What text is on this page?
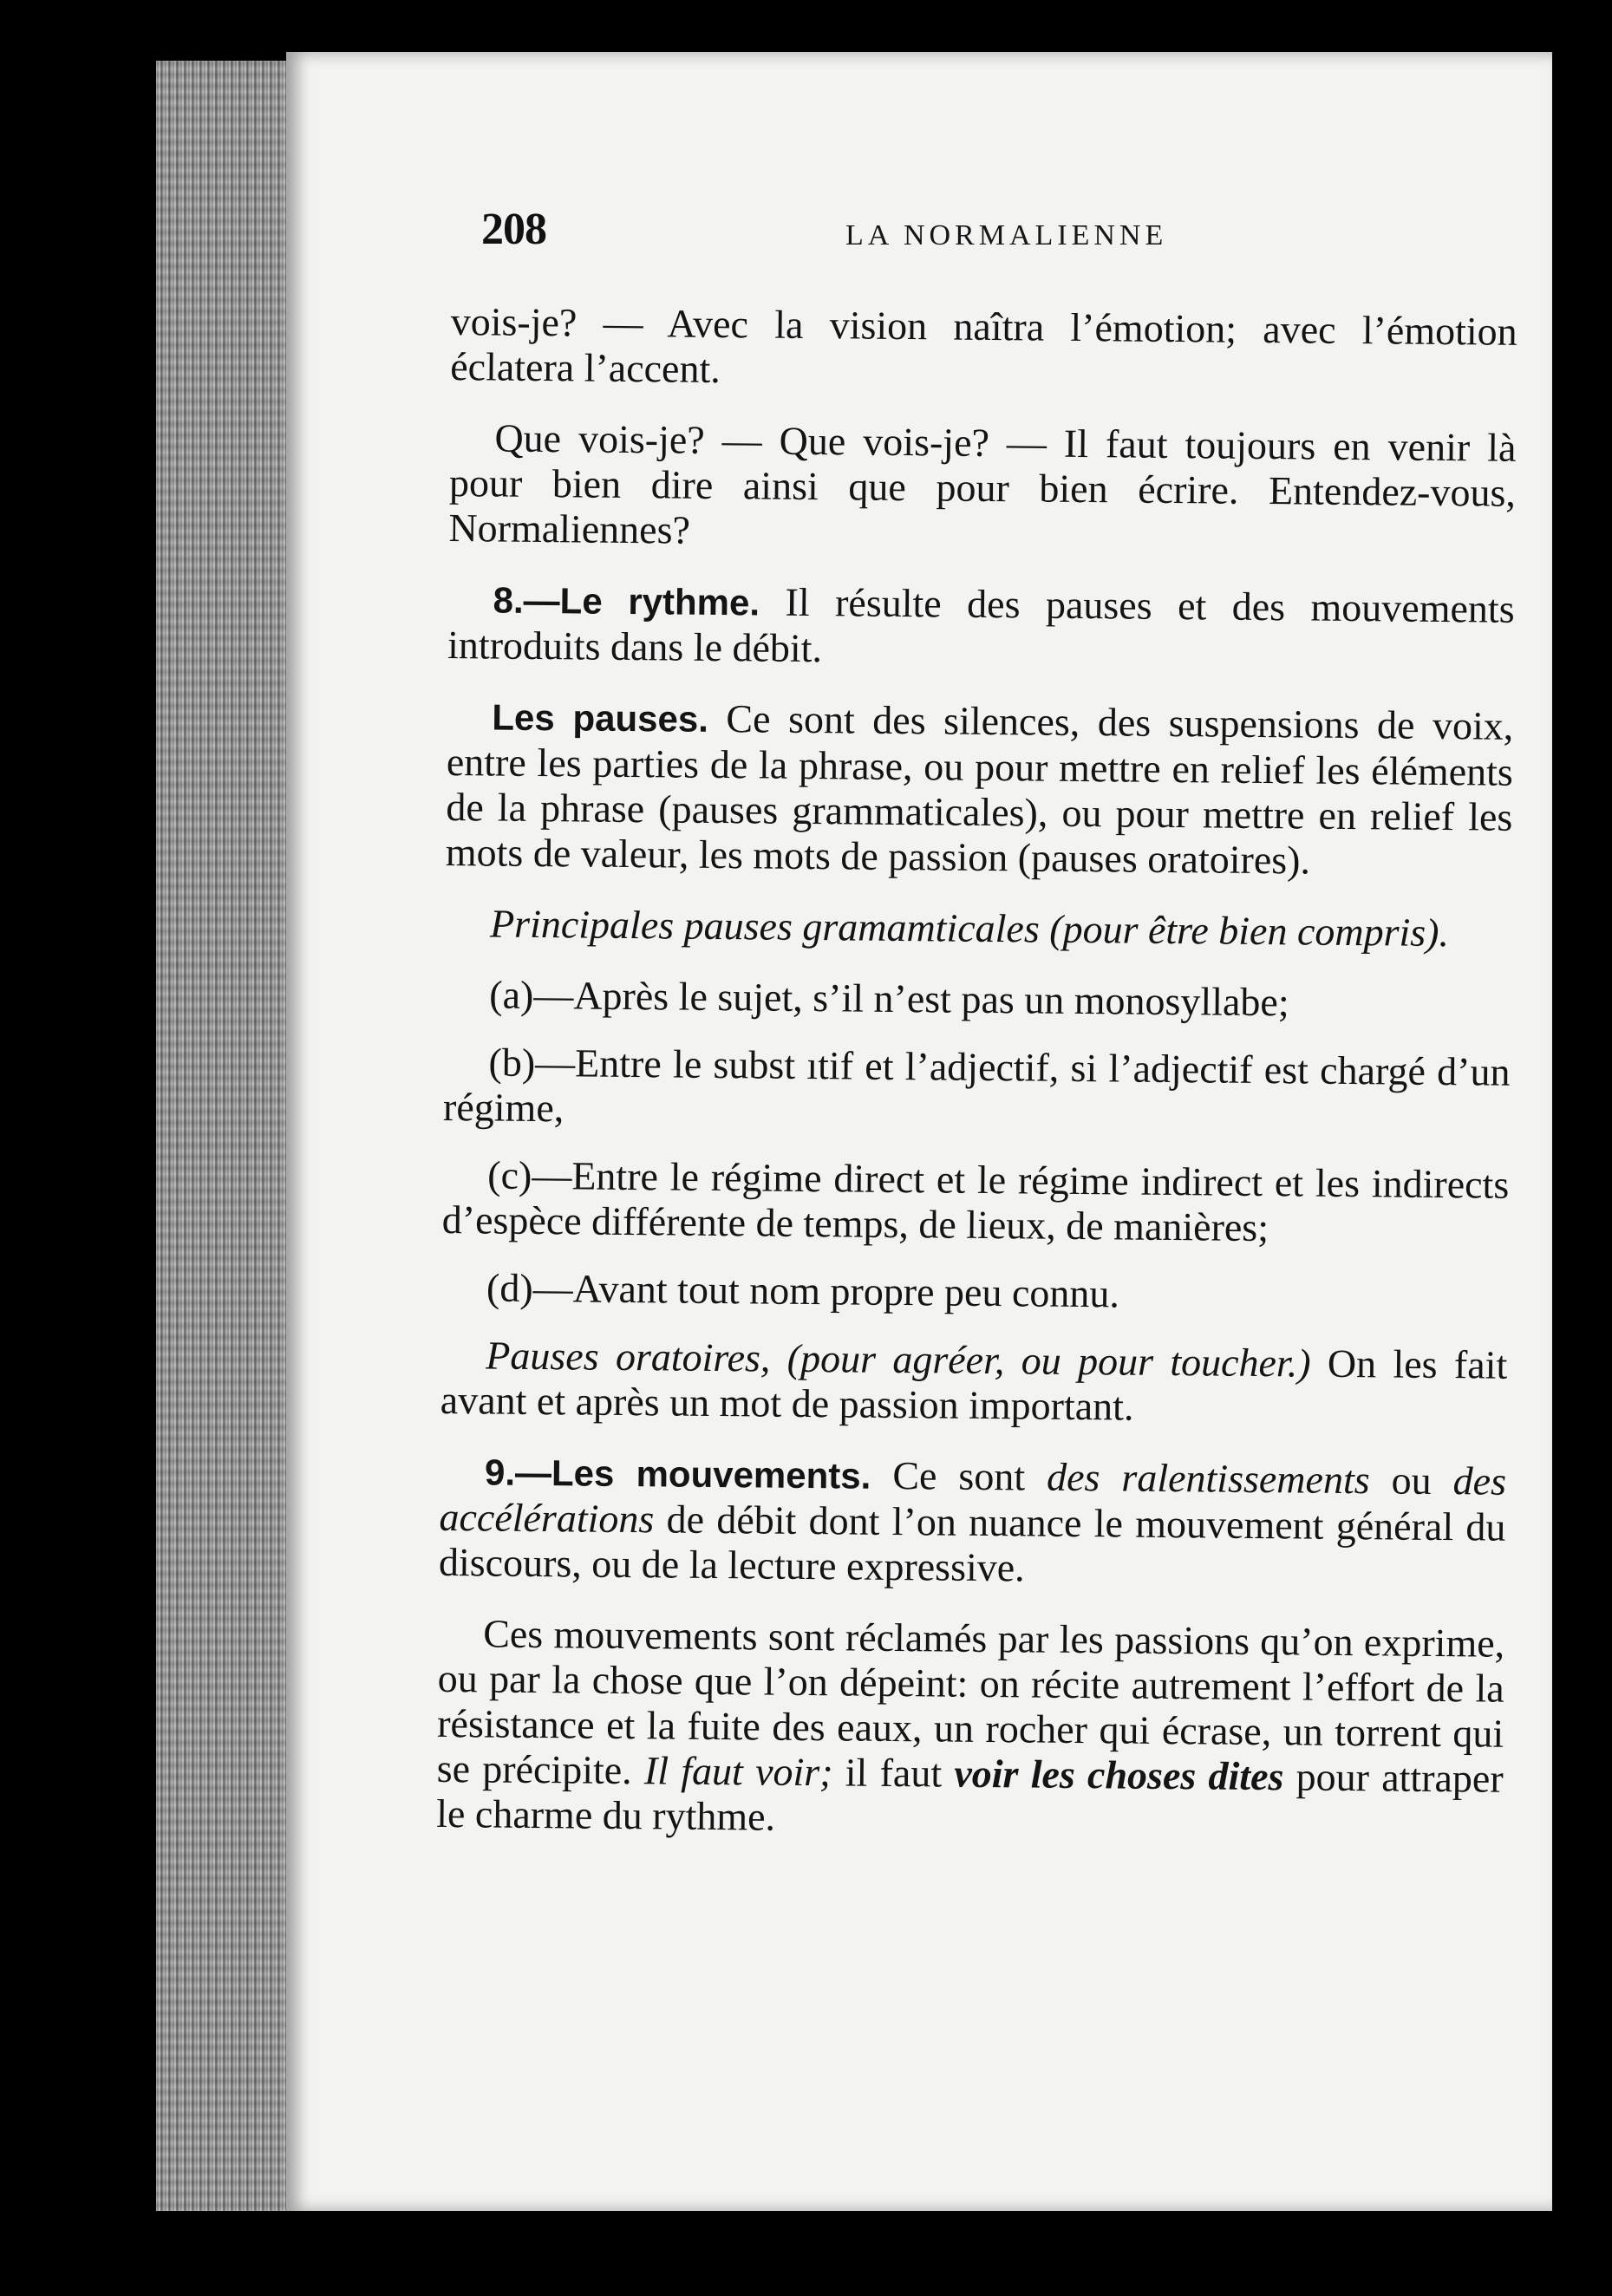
208	LA NORMALIENNE

vois-je? — Avec la vision naîtra l’émotion; avec l’émotion éclatera l’accent.

Que vois-je? — Que vois-je? — Il faut toujours en venir là pour bien dire ainsi que pour bien écrire. Entendez-vous, Normaliennes?

8.—Le rythme. Il résulte des pauses et des mouvements introduits dans le débit.

Les pauses. Ce sont des silences, des suspensions de voix, entre les parties de la phrase, ou pour mettre en relief les éléments de la phrase (pauses grammaticales), ou pour mettre en relief les mots de valeur, les mots de passion (pauses oratoires).

Principales pauses gramamticales (pour être bien compris).

(a)—Après le sujet, s’il n’est pas un monosyllabe;

(b)—Entre le subst ıtif et l’adjectif, si l’adjectif est chargé d’un régime,

(c)—Entre le régime direct et le régime indirect et les indirects d’espèce différente de temps, de lieux, de manières;

(d)—Avant tout nom propre peu connu.

Pauses oratoires, (pour agréer, ou pour toucher.) On les fait avant et après un mot de passion important.

9.—Les mouvements. Ce sont des ralentissements ou des accélérations de débit dont l’on nuance le mouvement général du discours, ou de la lecture expressive.

Ces mouvements sont réclamés par les passions qu’on exprime, ou par la chose que l’on dépeint: on récite autrement l’effort de la résistance et la fuite des eaux, un rocher qui écrase, un torrent qui se précipite. Il faut voir; il faut voir les choses dites pour attraper le charme du rythme.
